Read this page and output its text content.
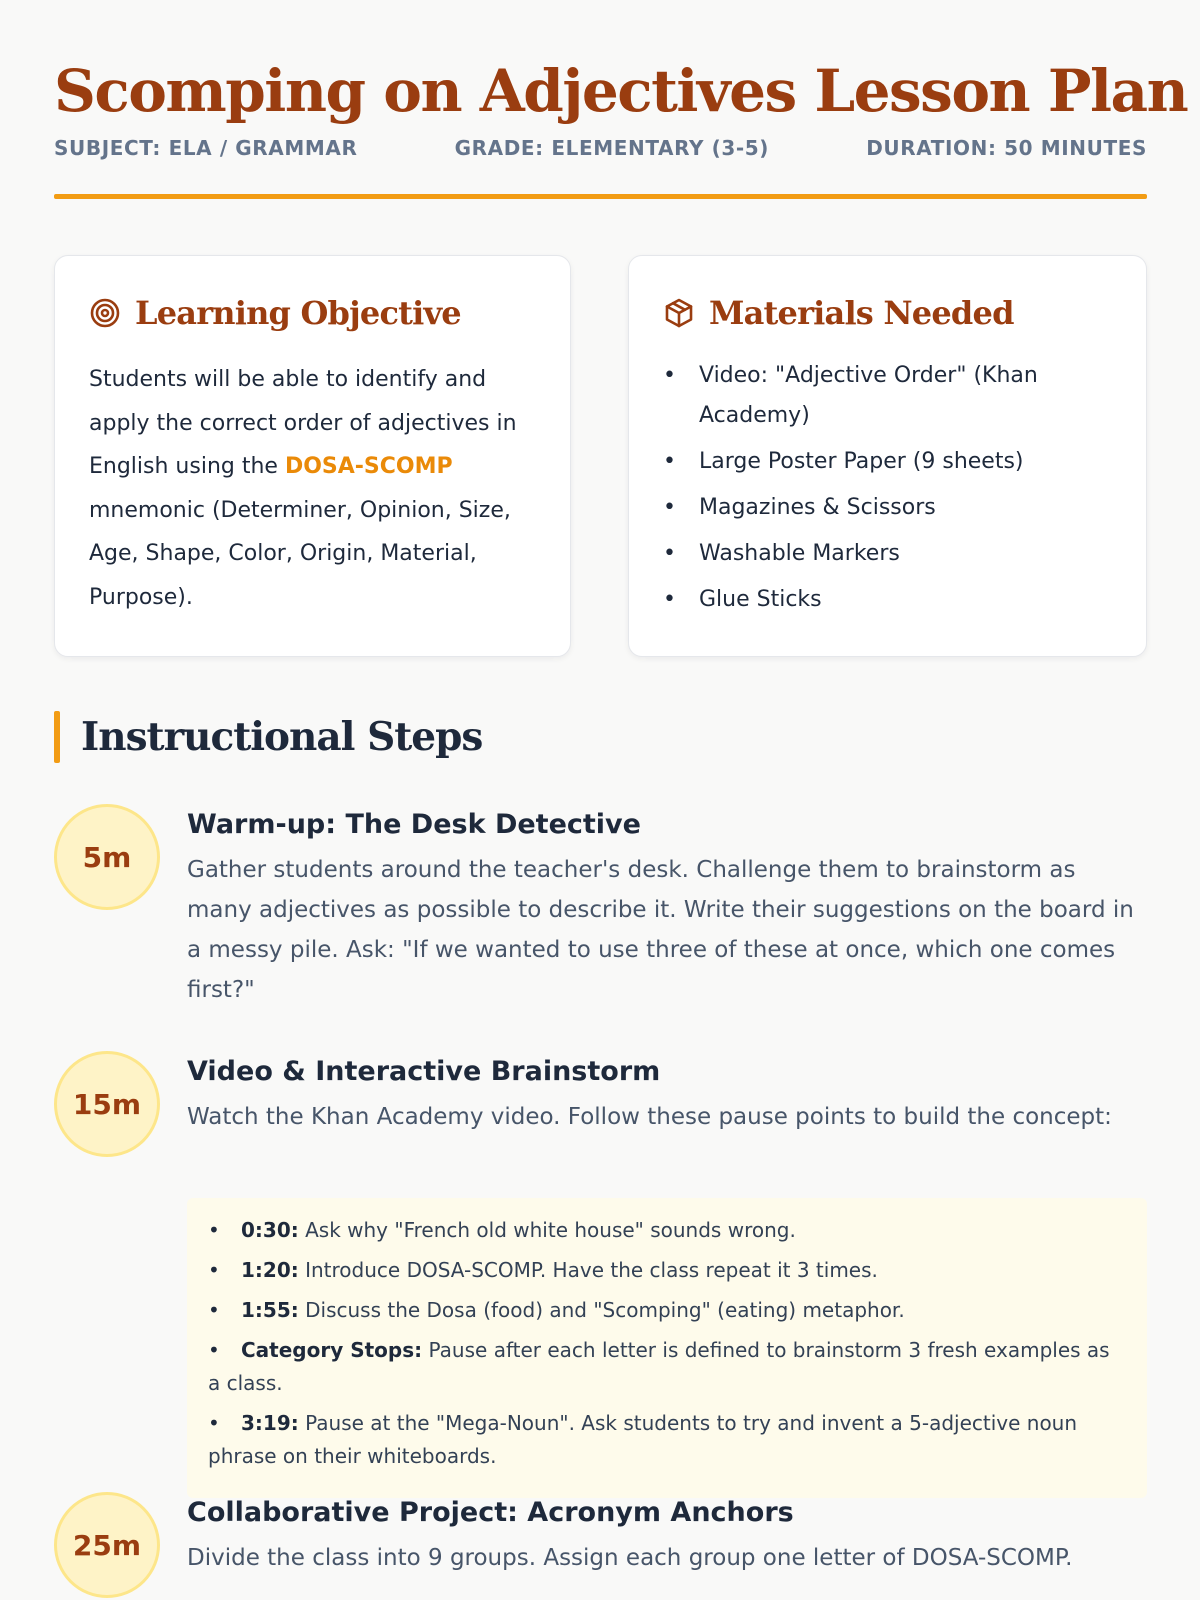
Scomping on Adjectives Lesson Plan
SUBJECT: ELA / GRAMMAR	GRADE: ELEMENTARY (3-5)	DURATION: 50 MINUTES
Learning Objective

Students will be able to identify and apply the correct order of adjectives in English using the DOSA-SCOMP mnemonic (Determiner, Opinion, Size, Age, Shape, Color, Origin, Material, Purpose).

Materials Needed
• Video: "Adjective Order" (Khan Academy)
• Large Poster Paper (9 sheets)
• Magazines & Scissors
• Washable Markers
• Glue Sticks
Instructional Steps
5m
Warm-up: The Desk Detective

Gather students around the teacher's desk. Challenge them to brainstorm as many adjectives as possible to describe it. Write their suggestions on the board in a messy pile. Ask: "If we wanted to use three of these at once, which one comes first?"

15m
Video & Interactive Brainstorm

Watch the Khan Academy video. Follow these pause points to build the concept:

• 0:30: Ask why "French old white house" sounds wrong.
• 1:20: Introduce DOSA-SCOMP. Have the class repeat it 3 times.
• 1:55: Discuss the Dosa (food) and "Scomping" (eating) metaphor.
• Category Stops: Pause after each letter is defined to brainstorm 3 fresh examples as a class.
• 3:19: Pause at the "Mega-Noun". Ask students to try and invent a 5-adjective noun phrase on their whiteboards.
25m
Collaborative Project: Acronym Anchors

Divide the class into 9 groups. Assign each group one letter of DOSA-SCOMP.
